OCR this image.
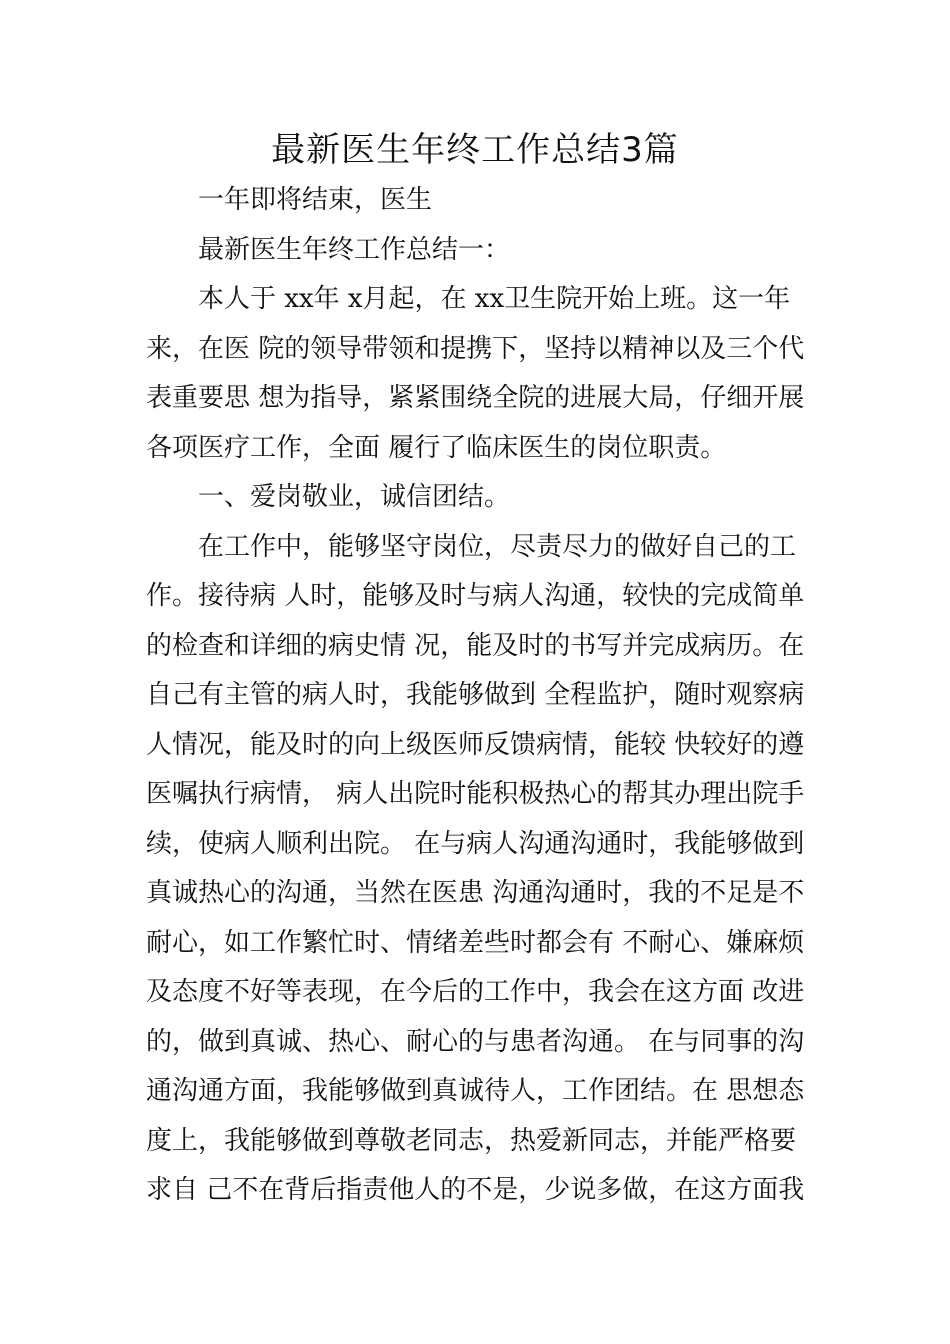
最新医生年终工作总结3篇
一年即将结束，医生
最新医生年终工作总结一：
本人于 xx年 x月起，在 xx卫生院开始上班。这一年
来，在医 院的领导带领和提携下，坚持以精神以及三个代
表重要思 想为指导，紧紧围绕全院的进展大局，仔细开展
各项医疗工作，全面 履行了临床医生的岗位职责。
一、爱岗敬业，诚信团结。
在工作中，能够坚守岗位，尽责尽力的做好自己的工
作。接待病 人时，能够及时与病人沟通，较快的完成简单
的检查和详细的病史情 况，能及时的书写并完成病历。在
自己有主管的病人时，我能够做到 全程监护，随时观察病
人情况，能及时的向上级医师反馈病情，能较 快较好的遵
医嘱执行病情， 病人出院时能积极热心的帮其办理出院手
续，使病人顺利出院。 在与病人沟通沟通时，我能够做到
真诚热心的沟通，当然在医患 沟通沟通时，我的不足是不
耐心，如工作繁忙时、情绪差些时都会有 不耐心、嫌麻烦
及态度不好等表现，在今后的工作中，我会在这方面 改进
的，做到真诚、热心、耐心的与患者沟通。 在与同事的沟
通沟通方面，我能够做到真诚待人，工作团结。在 思想态
度上，我能够做到尊敬老同志，热爱新同志，并能严格要
求自 己不在背后指责他人的不是，少说多做，在这方面我
